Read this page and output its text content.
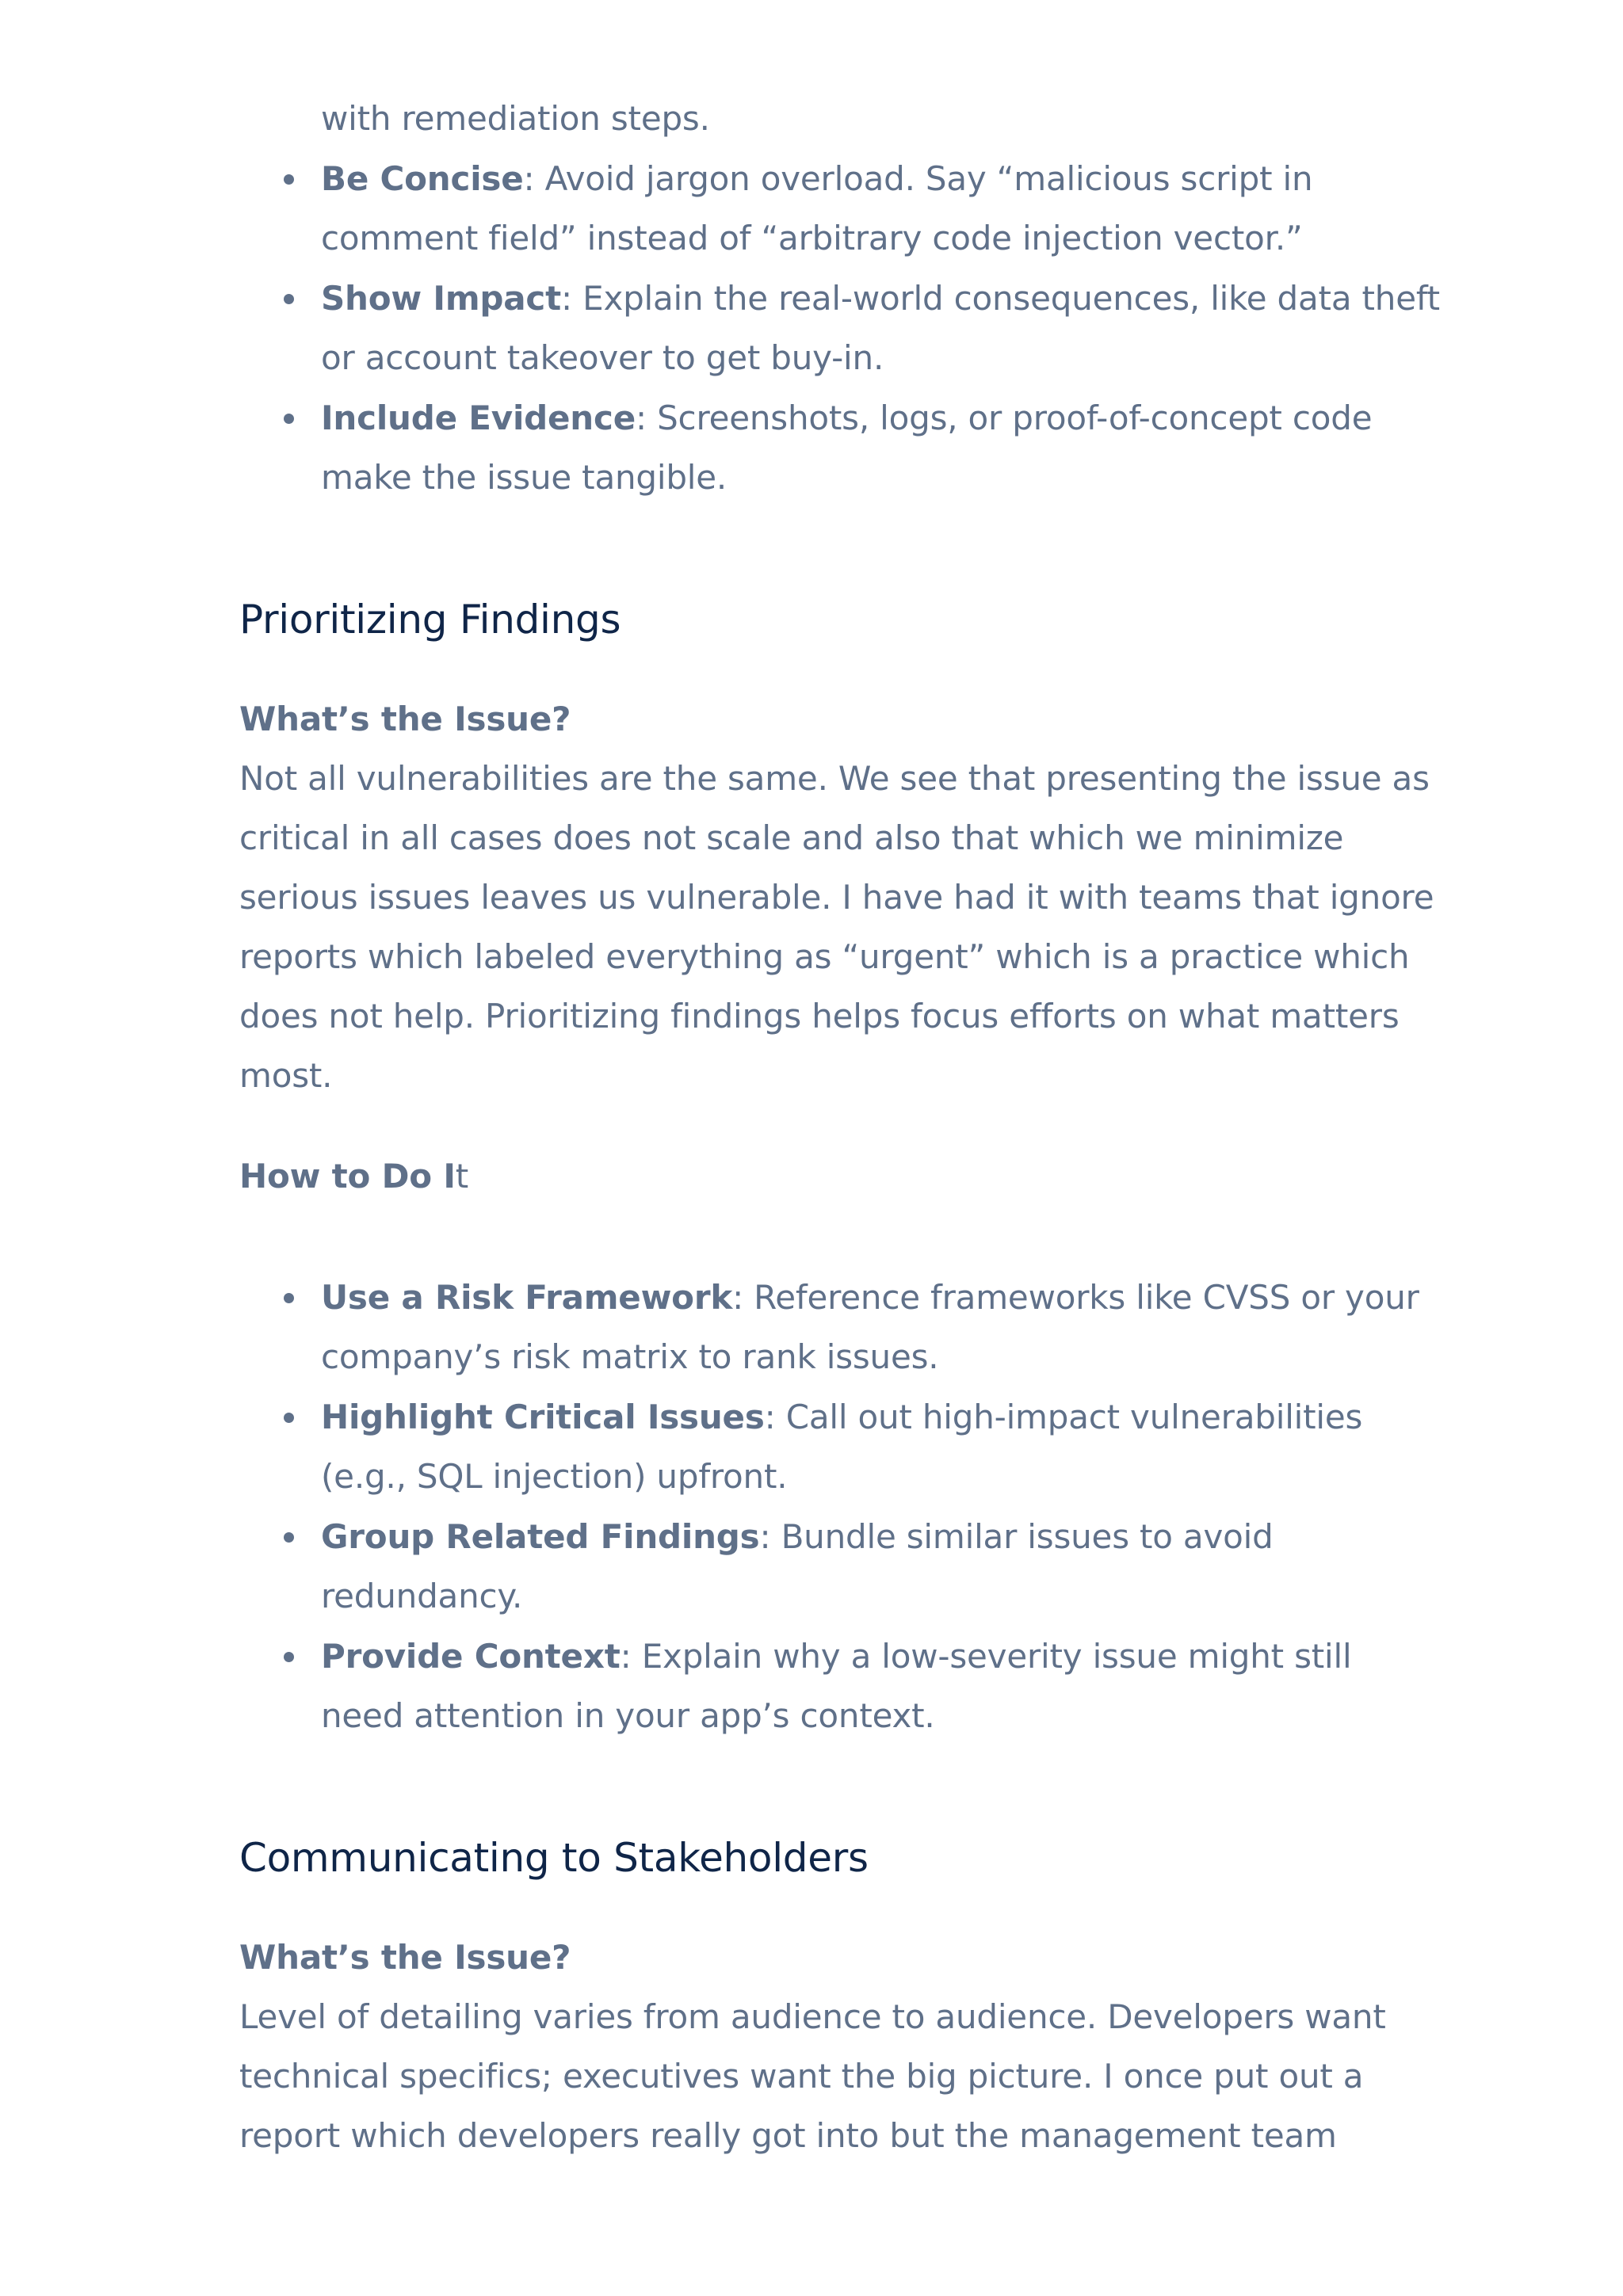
with remediation steps.

Be Concise: Avoid jargon overload. Say “malicious script in comment field” instead of “arbitrary code injection vector.”
Show Impact: Explain the real-world consequences, like data theft or account takeover to get buy-in.
Include Evidence: Screenshots, logs, or proof-of-concept code make the issue tangible.
Prioritizing Findings
What’s the Issue?

Not all vulnerabilities are the same. We see that presenting the issue as critical in all cases does not scale and also that which we minimize serious issues leaves us vulnerable. I have had it with teams that ignore reports which labeled everything as “urgent” which is a practice which does not help. Prioritizing findings helps focus efforts on what matters most.

How to Do It
Use a Risk Framework: Reference frameworks like CVSS or your company’s risk matrix to rank issues.
Highlight Critical Issues: Call out high-impact vulnerabilities (e.g., SQL injection) upfront.
Group Related Findings: Bundle similar issues to avoid redundancy.
Provide Context: Explain why a low-severity issue might still need attention in your app’s context.
Communicating to Stakeholders
What’s the Issue?

Level of detailing varies from audience to audience. Developers want technical specifics; executives want the big picture. I once put out a report which developers really got into but the management team
